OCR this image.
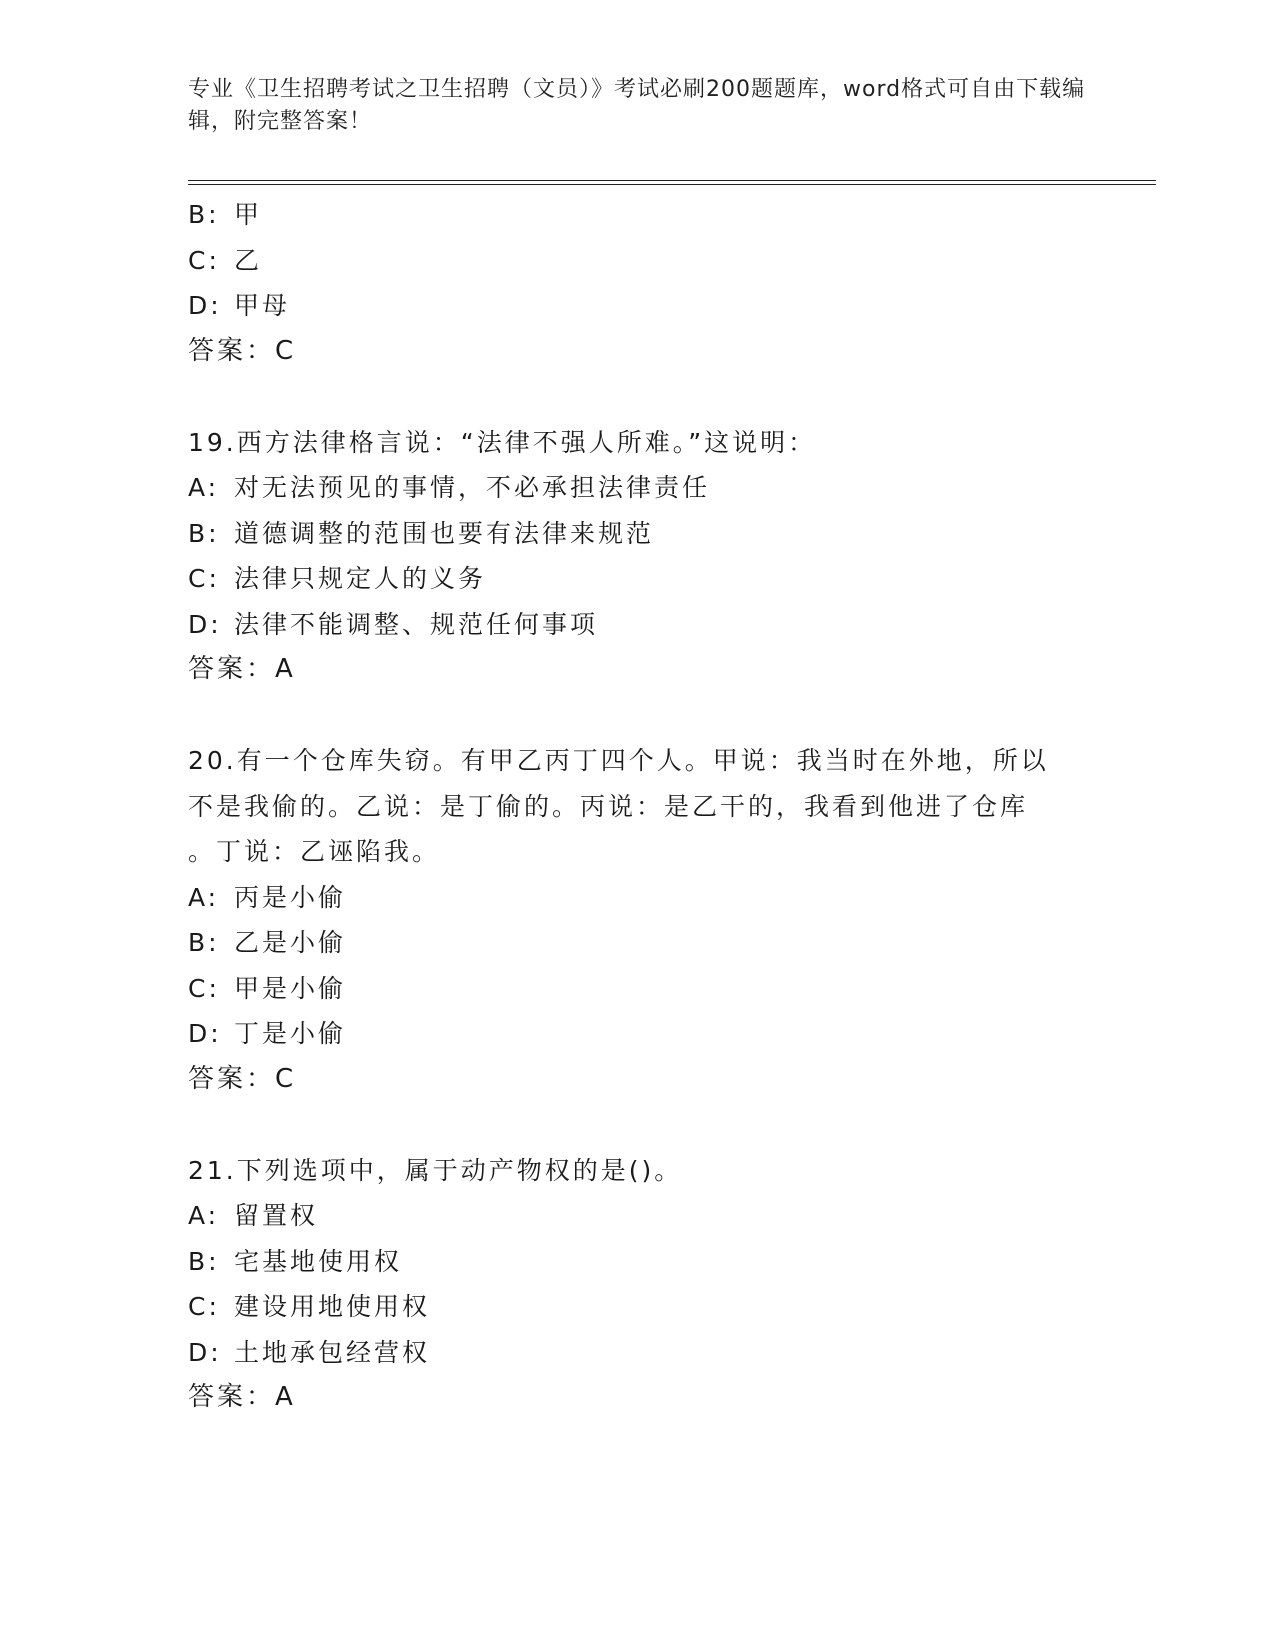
专业《卫生招聘考试之卫生招聘（文员）》考试必刷200题题库，word格式可自由下载编辑，附完整答案！
B: 甲
C: 乙
D: 甲母
答案：C
19.西方法律格言说：“法律不强人所难。”这说明：
A: 对无法预见的事情，不必承担法律责任
B: 道德调整的范围也要有法律来规范
C: 法律只规定人的义务
D: 法律不能调整、规范任何事项
答案：A
20.有一个仓库失窃。有甲乙丙丁四个人。甲说：我当时在外地，所以
不是我偷的。乙说：是丁偷的。丙说：是乙干的，我看到他进了仓库
。丁说：乙诬陷我。
A: 丙是小偷
B: 乙是小偷
C: 甲是小偷
D: 丁是小偷
答案：C
21.下列选项中，属于动产物权的是()。
A: 留置权
B: 宅基地使用权
C: 建设用地使用权
D: 土地承包经营权
答案：A
